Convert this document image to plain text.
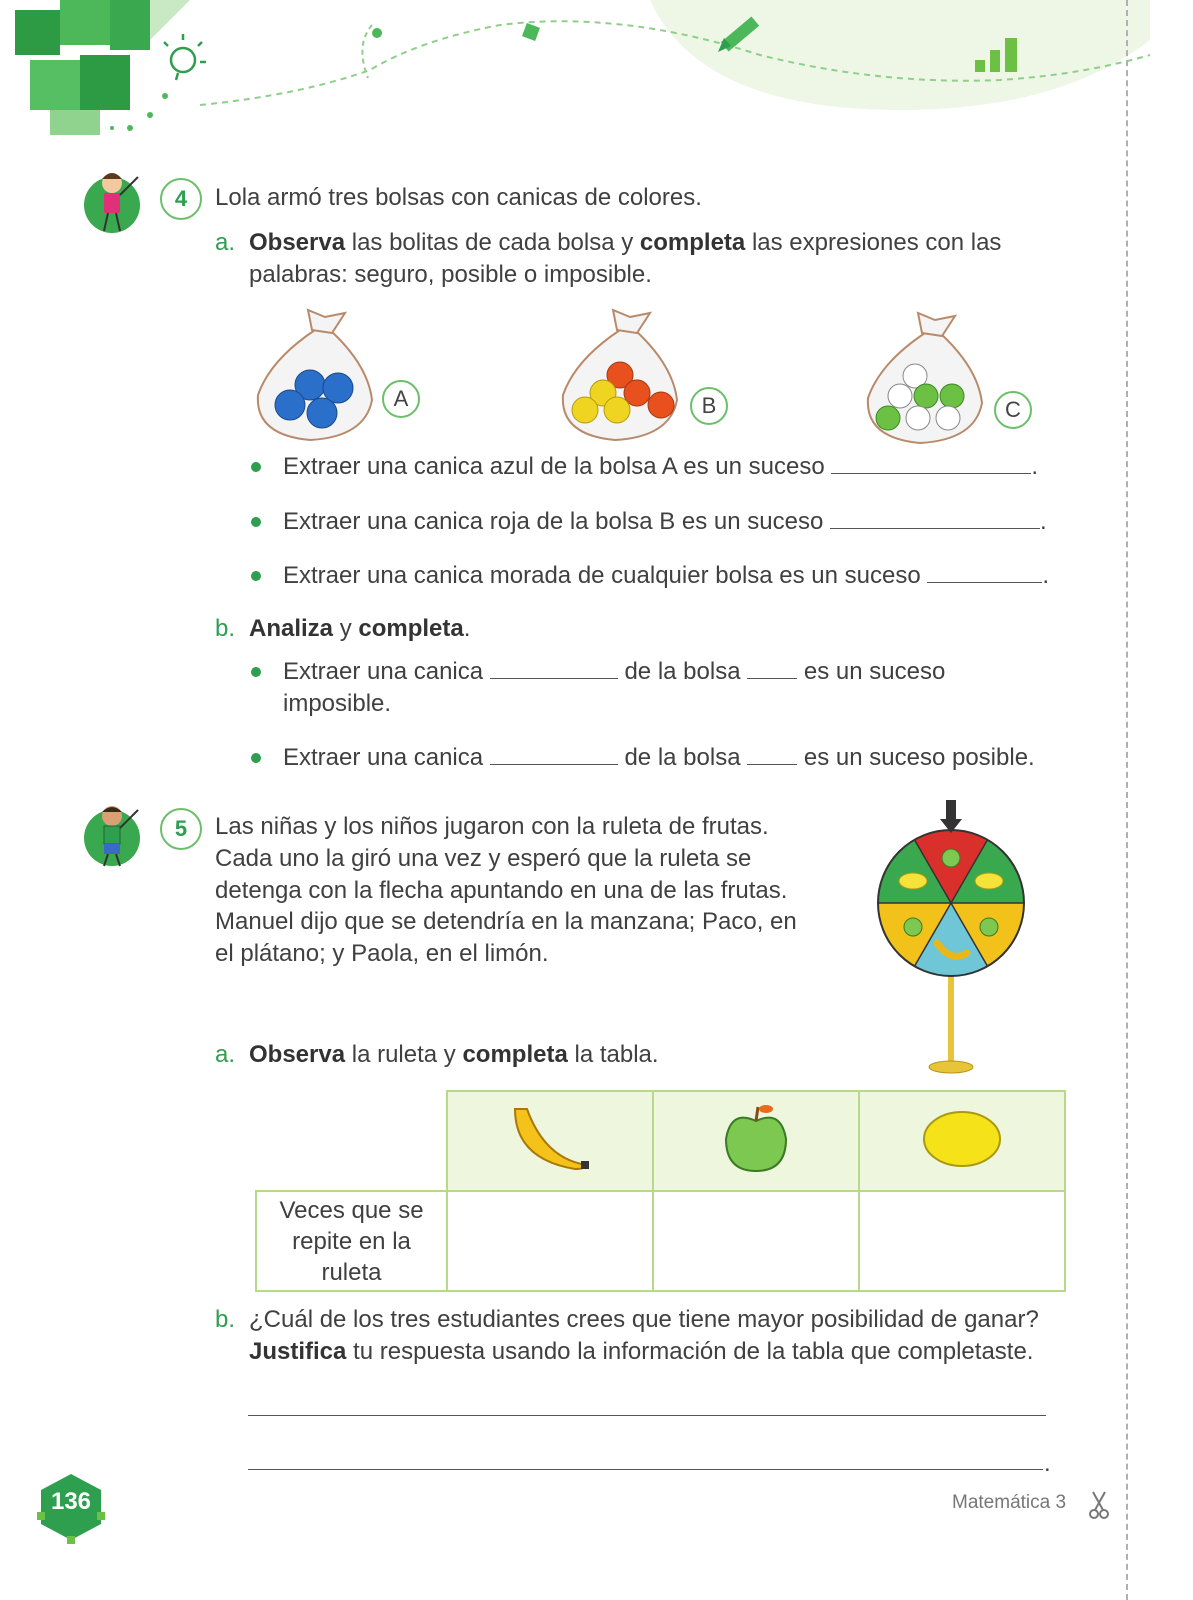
4	Lola armó tres bolsas con canicas de colores.
a. Observa las bolitas de cada bolsa y completa las expresiones con las
palabras: seguro, posible o imposible.
A	B	C
Extraer una canica azul de la bolsa A es un suceso	.
Extraer una canica roja de la bolsa B es un suceso	.
Extraer una canica morada de cualquier bolsa es un suceso	.
b. Analiza y completa.
Extraer una canica	de la bolsa	es un suceso
imposible.
Extraer una canica	de la bolsa	es un suceso posible.
5	Las niñas y los niños jugaron con la ruleta de frutas.
Cada uno la giró una vez y esperó que la ruleta se
detenga con la flecha apuntando en una de las frutas.
Manuel dijo que se detendría en la manzana; Paco, en
el plátano; y Paola, en el limón.
a. Observa la ruleta y completa la tabla.

Veces que se
repite en la
ruleta			

b. ¿Cuál de los tres estudiantes crees que tiene mayor posibilidad de ganar?
Justifica tu respuesta usando la información de la tabla que completaste.
.
136	Matemática 3
